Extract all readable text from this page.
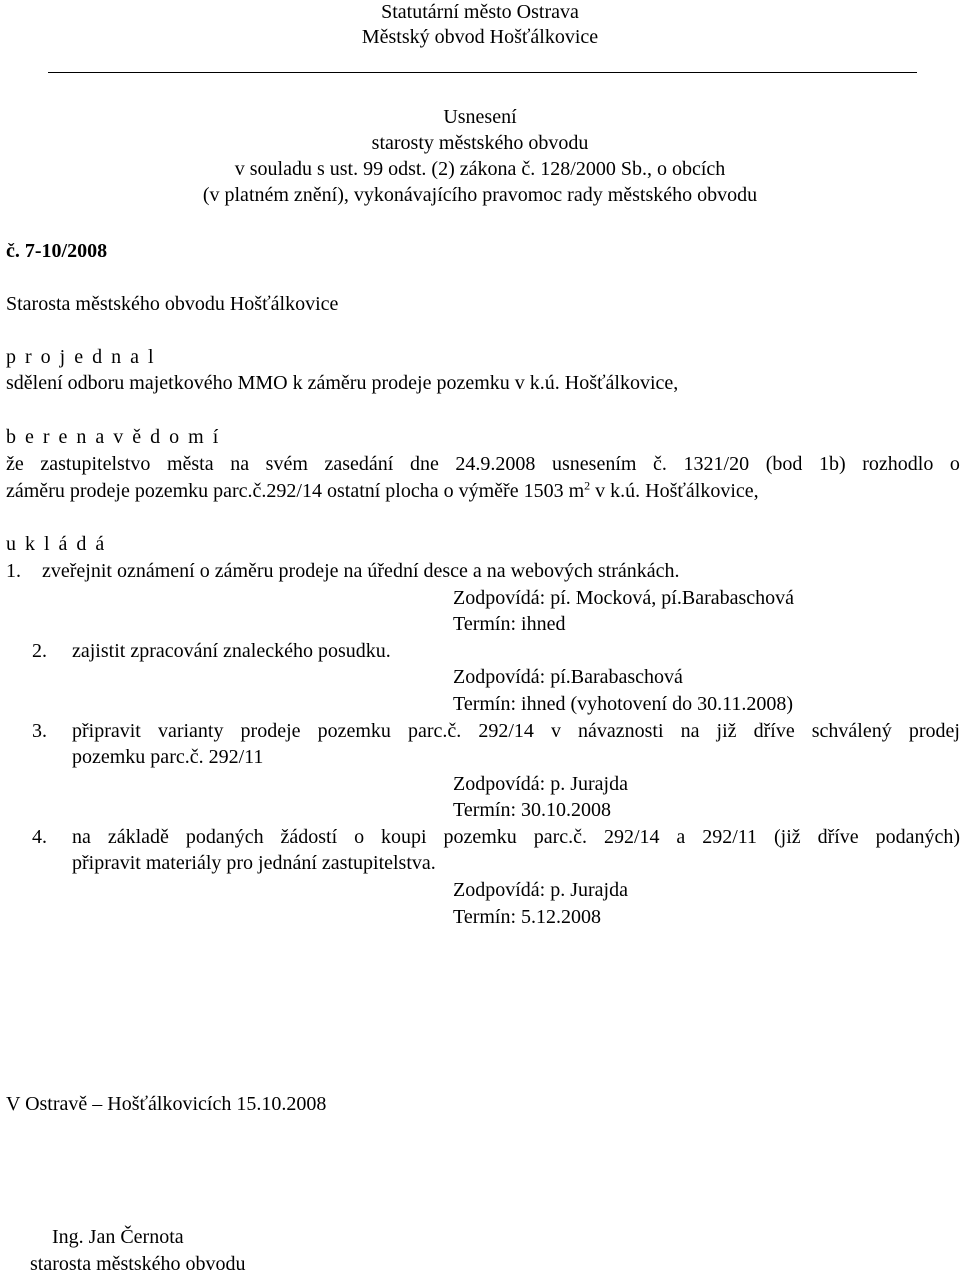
Statutární město Ostrava
Městský obvod Hošťálkovice
Usnesení
starosty městského obvodu
v souladu s ust. 99 odst. (2) zákona č. 128/2000 Sb., o obcích
(v platném znění), vykonávajícího pravomoc rady městského obvodu
č. 7-10/2008
Starosta městského obvodu Hošťálkovice
p r o j e d n a l
sdělení odboru majetkového MMO k záměru prodeje pozemku v k.ú. Hošťálkovice,
b e r e n a v ě d o m í
že zastupitelstvo města na svém zasedání dne 24.9.2008 usnesením č. 1321/20 (bod 1b) rozhodlo o
záměru prodeje pozemku parc.č.292/14 ostatní plocha o výměře 1503 $m^2$ v k.ú. Hošťálkovice,
u k l á d á
1. zveřejnit oznámení o záměru prodeje na úřední desce a na webových stránkách.
Zodpovídá: pí. Mocková, pí.Barabaschová
Termín: ihned
2. zajistit zpracování znaleckého posudku.
Zodpovídá: pí.Barabaschová
Termín: ihned (vyhotovení do 30.11.2008)
3. připravit varianty prodeje pozemku parc.č. 292/14 v návaznosti na již dříve schválený prodej
pozemku parc.č. 292/11
Zodpovídá: p. Jurajda
Termín: 30.10.2008
4. na základě podaných žádostí o koupi pozemku parc.č. 292/14 a 292/11 (již dříve podaných)
připravit materiály pro jednání zastupitelstva.
Zodpovídá: p. Jurajda
Termín: 5.12.2008
V Ostravě – Hošťálkovicích 15.10.2008
Ing. Jan Černota
starosta městského obvodu
